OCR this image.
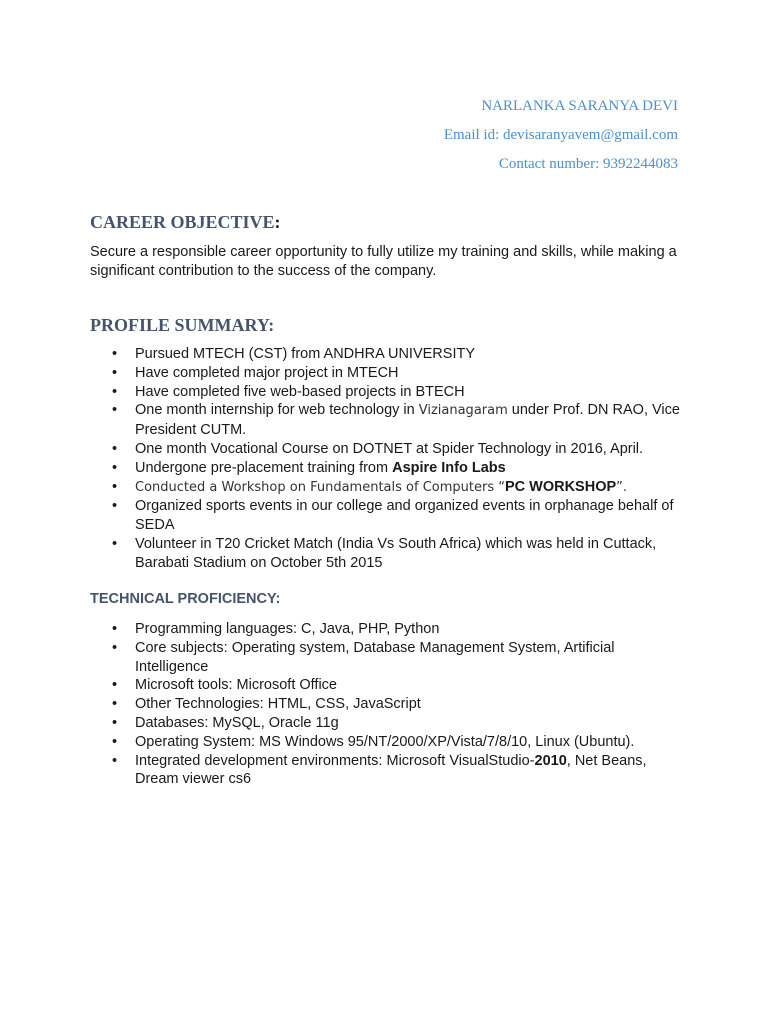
NARLANKA SARANYA DEVI
Email id: devisaranyavem@gmail.com
Contact number: 9392244083
CAREER OBJECTIVE:

Secure a responsible career opportunity to fully utilize my training and skills, while making a significant contribution to the success of the company.

PROFILE SUMMARY:
• Pursued MTECH (CST) from ANDHRA UNIVERSITY
• Have completed major project in MTECH
• Have completed five web-based projects in BTECH
• One month internship for web technology in Vizianagaram under Prof. DN RAO, Vice President CUTM.
• One month Vocational Course on DOTNET at Spider Technology in 2016, April.
• Undergone pre-placement training from Aspire Info Labs
• Conducted a Workshop on Fundamentals of Computers “PC WORKSHOP”.
• Organized sports events in our college and organized events in orphanage behalf of SEDA
• Volunteer in T20 Cricket Match (India Vs South Africa) which was held in Cuttack, Barabati Stadium on October 5th 2015
TECHNICAL PROFICIENCY:
• Programming languages: C, Java, PHP, Python
• Core subjects: Operating system, Database Management System, Artificial Intelligence
• Microsoft tools: Microsoft Office
• Other Technologies: HTML, CSS, JavaScript
• Databases: MySQL, Oracle 11g
• Operating System: MS Windows 95/NT/2000/XP/Vista/7/8/10, Linux (Ubuntu).
• Integrated development environments: Microsoft VisualStudio-2010, Net Beans, Dream viewer cs6
